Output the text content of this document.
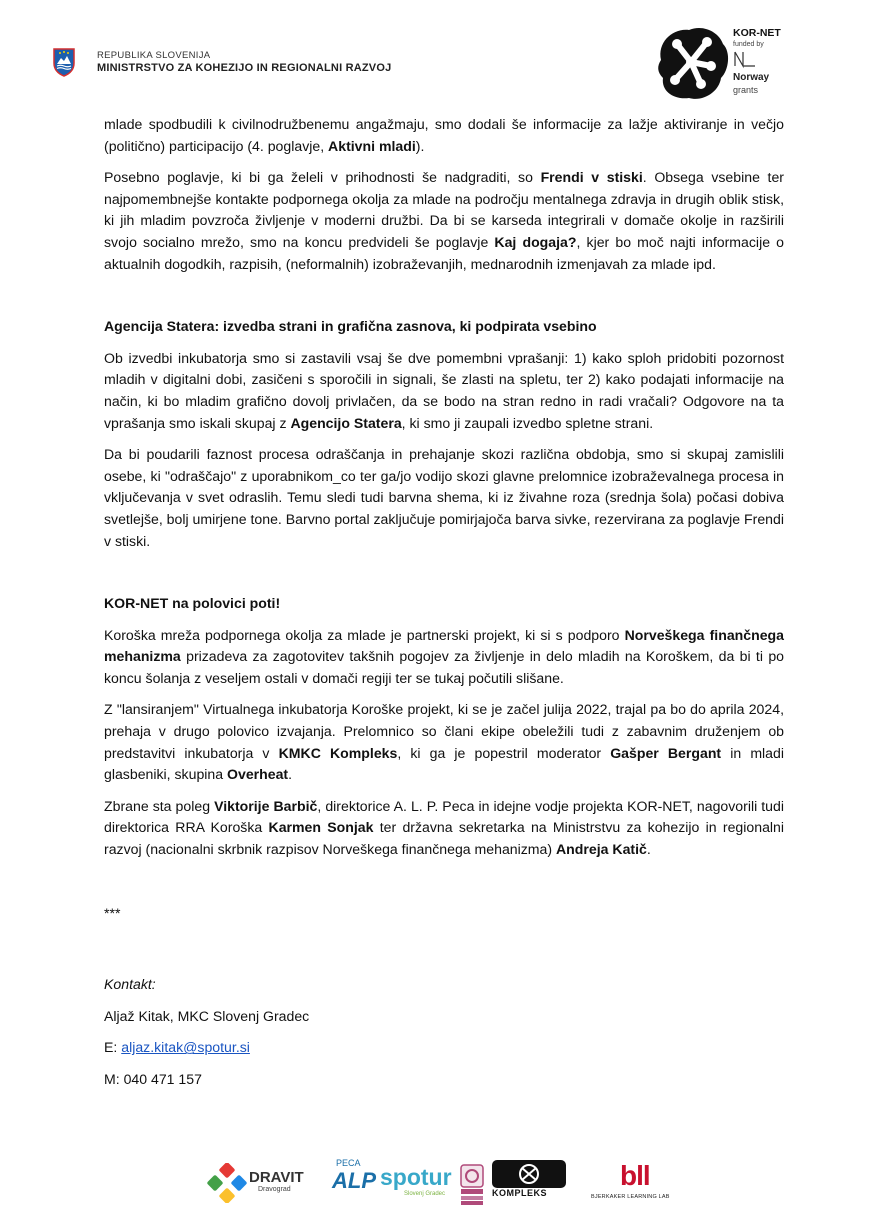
REPUBLIKA SLOVENIJA
MINISTRSTVO ZA KOHEZIJO IN REGIONALNI RAZVOJ
KOR-NET
funded by
Norway
grants

mlade spodbudili k civilnodružbenemu angažmaju, smo dodali še informacije za lažje aktiviranje in večjo (politično) participacijo (4. poglavje, Aktivni mladi).

Posebno poglavje, ki bi ga želeli v prihodnosti še nadgraditi, so Frendi v stiski. Obsega vsebine ter najpomembnejše kontakte podpornega okolja za mlade na področju mentalnega zdravja in drugih oblik stisk, ki jih mladim povzroča življenje v moderni družbi. Da bi se karseda integrirali v domače okolje in razširili svojo socialno mrežo, smo na koncu predvideli še poglavje Kaj dogaja?, kjer bo moč najti informacije o aktualnih dogodkih, razpisih, (neformalnih) izobraževanjih, mednarodnih izmenjavah za mlade ipd.

Agencija Statera: izvedba strani in grafična zasnova, ki podpirata vsebino

Ob izvedbi inkubatorja smo si zastavili vsaj še dve pomembni vprašanji: 1) kako sploh pridobiti pozornost mladih v digitalni dobi, zasičeni s sporočili in signali, še zlasti na spletu, ter 2) kako podajati informacije na način, ki bo mladim grafično dovolj privlačen, da se bodo na stran redno in radi vračali? Odgovore na ta vprašanja smo iskali skupaj z Agencijo Statera, ki smo ji zaupali izvedbo spletne strani.

Da bi poudarili faznost procesa odraščanja in prehajanje skozi različna obdobja, smo si skupaj zamislili osebe, ki "odraščajo" z uporabnikom_co ter ga/jo vodijo skozi glavne prelomnice izobraževalnega procesa in vključevanja v svet odraslih. Temu sledi tudi barvna shema, ki iz živahne roza (srednja šola) počasi dobiva svetlejše, bolj umirjene tone. Barvno portal zaključuje pomirjajoča barva sivke, rezervirana za poglavje Frendi v stiski.

KOR-NET na polovici poti!

Koroška mreža podpornega okolja za mlade je partnerski projekt, ki si s podporo Norveškega finančnega mehanizma prizadeva za zagotovitev takšnih pogojev za življenje in delo mladih na Koroškem, da bi ti po koncu šolanja z veseljem ostali v domači regiji ter se tukaj počutili slišane.

Z "lansiranjem" Virtualnega inkubatorja Koroške projekt, ki se je začel julija 2022, trajal pa bo do aprila 2024, prehaja v drugo polovico izvajanja. Prelomnico so člani ekipe obeležili tudi z zabavnim druženjem ob predstavitvi inkubatorja v KMKC Kompleks, ki ga je popestril moderator Gašper Bergant in mladi glasbeniki, skupina Overheat.

Zbrane sta poleg Viktorije Barbič, direktorice A. L. P. Peca in idejne vodje projekta KOR-NET, nagovorili tudi direktorica RRA Koroška Karmen Sonjak ter državna sekretarka na Ministrstvu za kohezijo in regionalni razvoj (nacionalni skrbnik razpisov Norveškega finančnega mehanizma) Andreja Katič.

***

Kontakt:

Aljaž Kitak, MKC Slovenj Gradec

E: aljaz.kitak@spotur.si

M: 040 471 157

DRAVIT
Dravograd
PECA
ALP spotur
Slovenj Gradec	KOMPLEKS
bll
BJERKAKER LEARNING LAB
